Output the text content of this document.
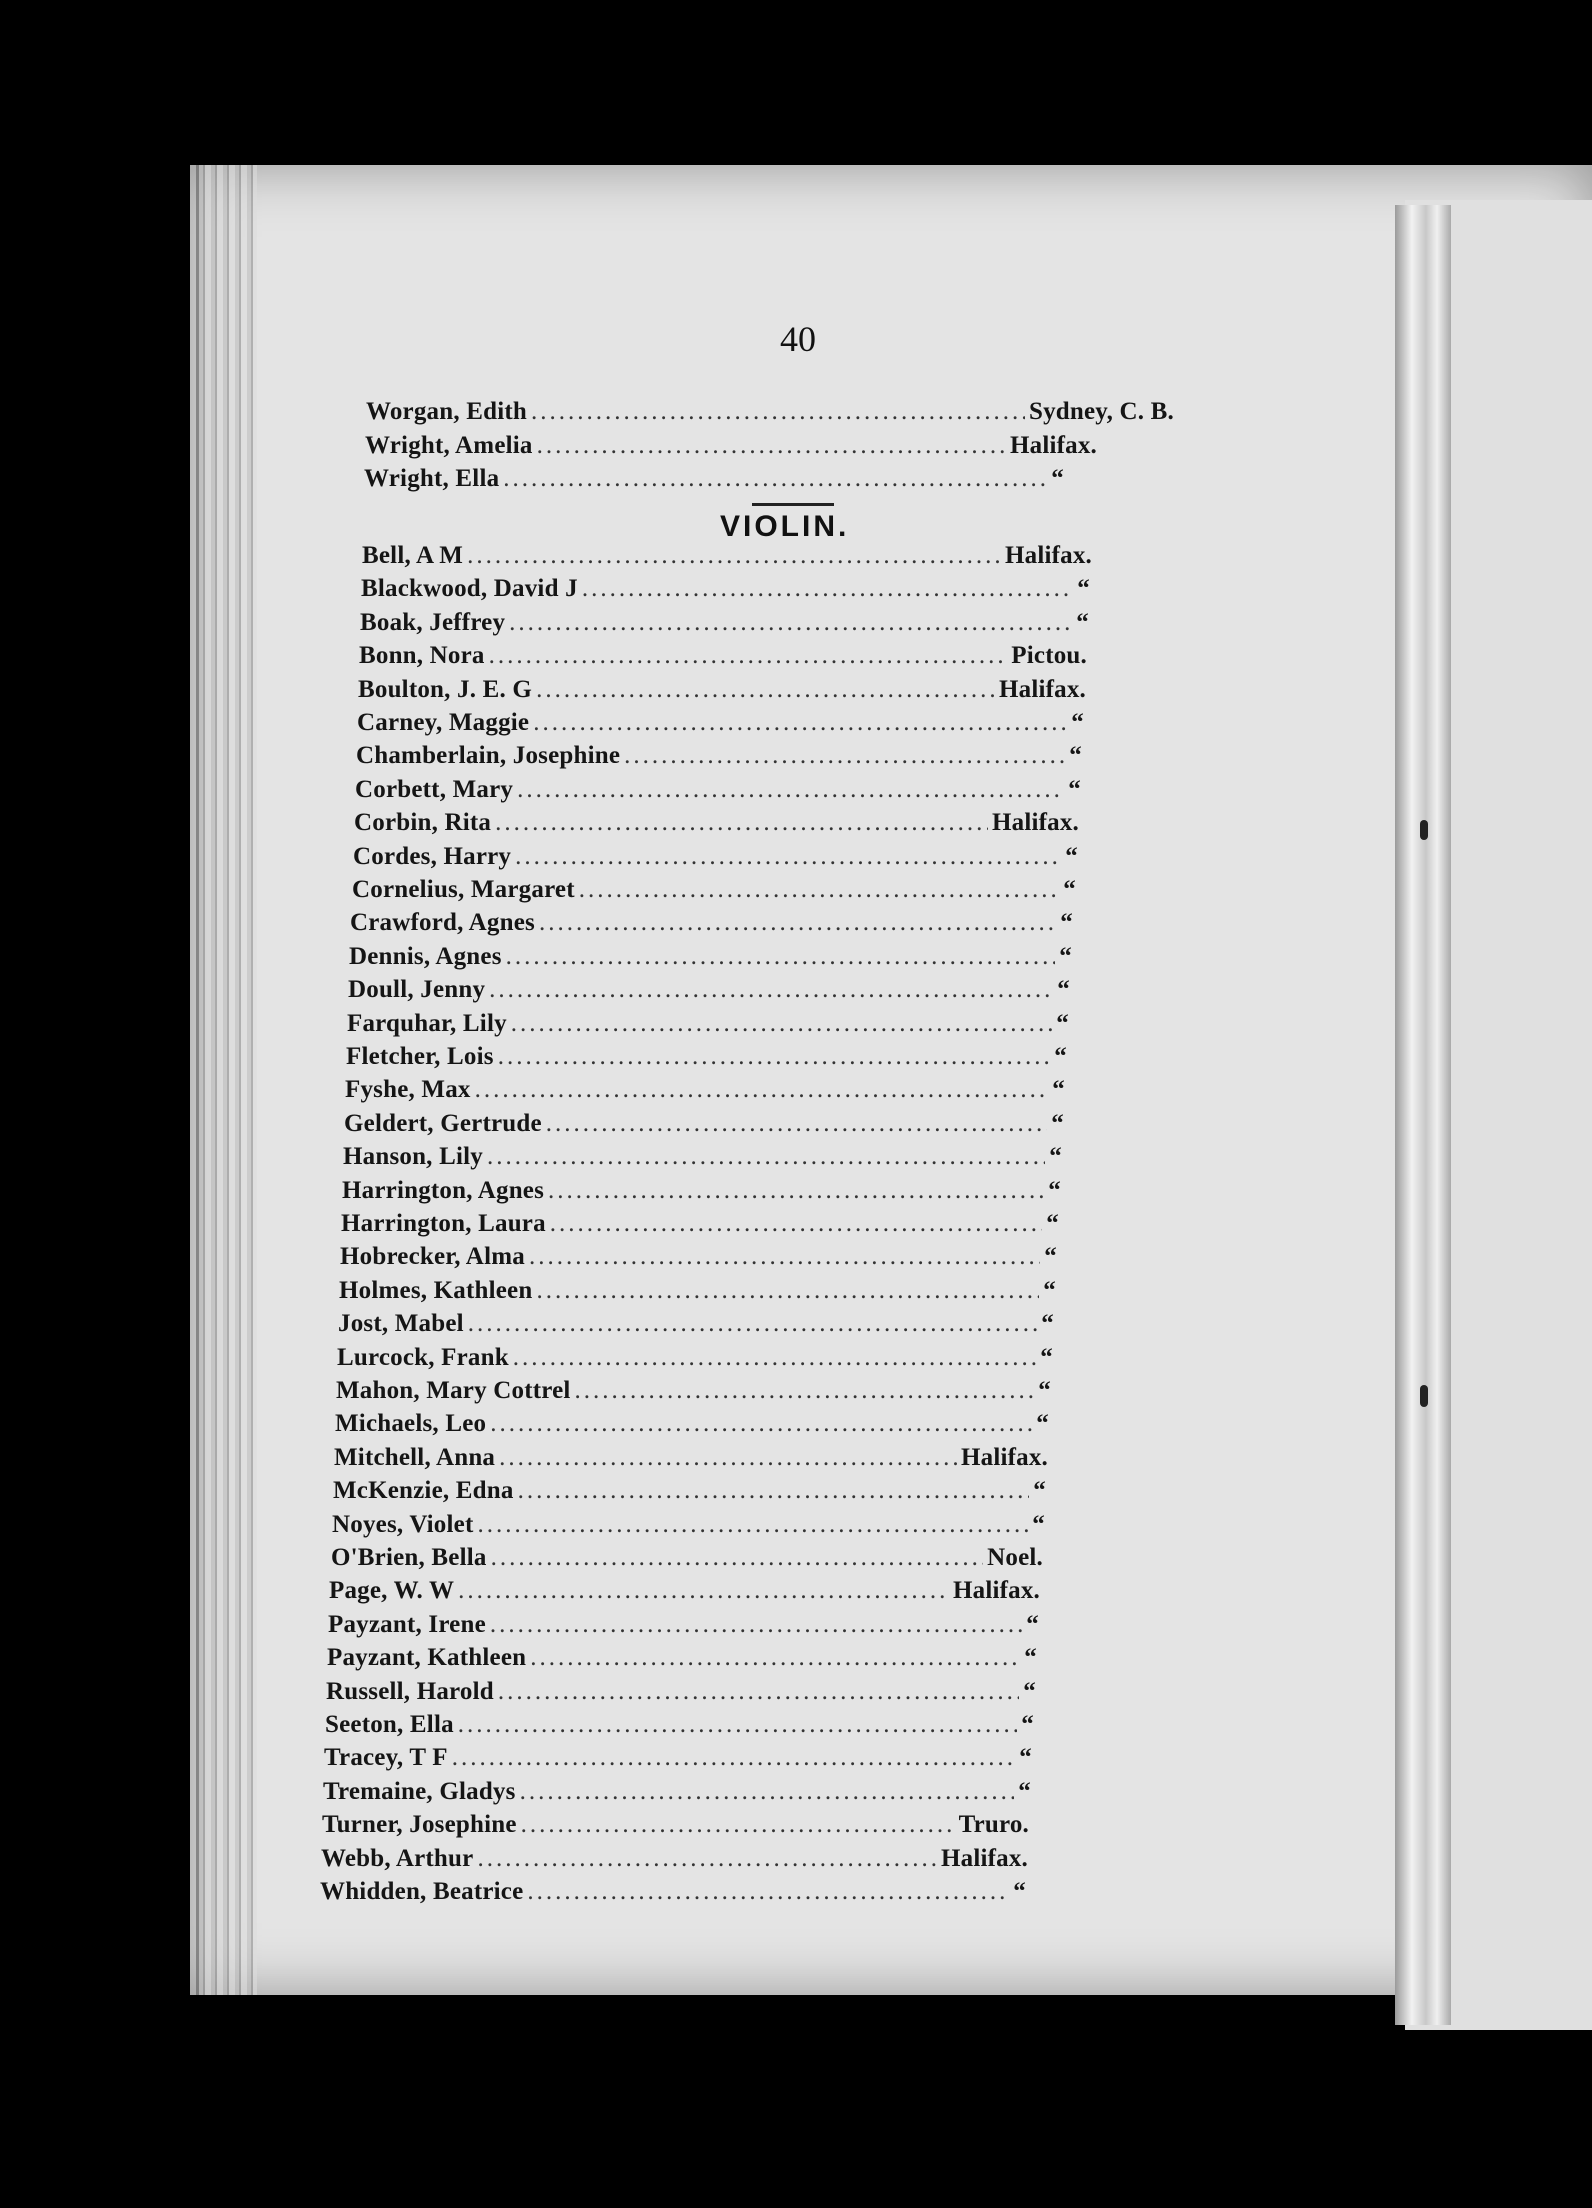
40
Worgan, Edith .....	Sydney, C. B.
Wright, Amelia .....	Halifax.
Wright, Ella .....	“
VIOLIN.
Bell, A M .....	Halifax.
Blackwood, David J .....	“
Boak, Jeffrey .....	“
Bonn, Nora .....	Pictou.
Boulton, J. E. G .....	Halifax.
Carney, Maggie .....	“
Chamberlain, Josephine .....	“
Corbett, Mary .....	“
Corbin, Rita .....	Halifax.
Cordes, Harry .....	“
Cornelius, Margaret .....	“
Crawford, Agnes .....	“
Dennis, Agnes .....	“
Doull, Jenny .....	“
Farquhar, Lily .....	“
Fletcher, Lois .....	“
Fyshe, Max .....	“
Geldert, Gertrude .....	“
Hanson, Lily .....	“
Harrington, Agnes .....	“
Harrington, Laura .....	“
Hobrecker, Alma .....	“
Holmes, Kathleen .....	“
Jost, Mabel .....	“
Lurcock, Frank .....	“
Mahon, Mary Cottrel .....	“
Michaels, Leo .....	“
Mitchell, Anna .....	Halifax.
McKenzie, Edna .....	“
Noyes, Violet .....	“
O'Brien, Bella .....	Noel.
Page, W. W .....	Halifax.
Payzant, Irene .....	“
Payzant, Kathleen .....	“
Russell, Harold .....	“
Seeton, Ella .....	“
Tracey, T F .....	“
Tremaine, Gladys .....	“
Turner, Josephine .....	Truro.
Webb, Arthur .....	Halifax.
Whidden, Beatrice .....	“
